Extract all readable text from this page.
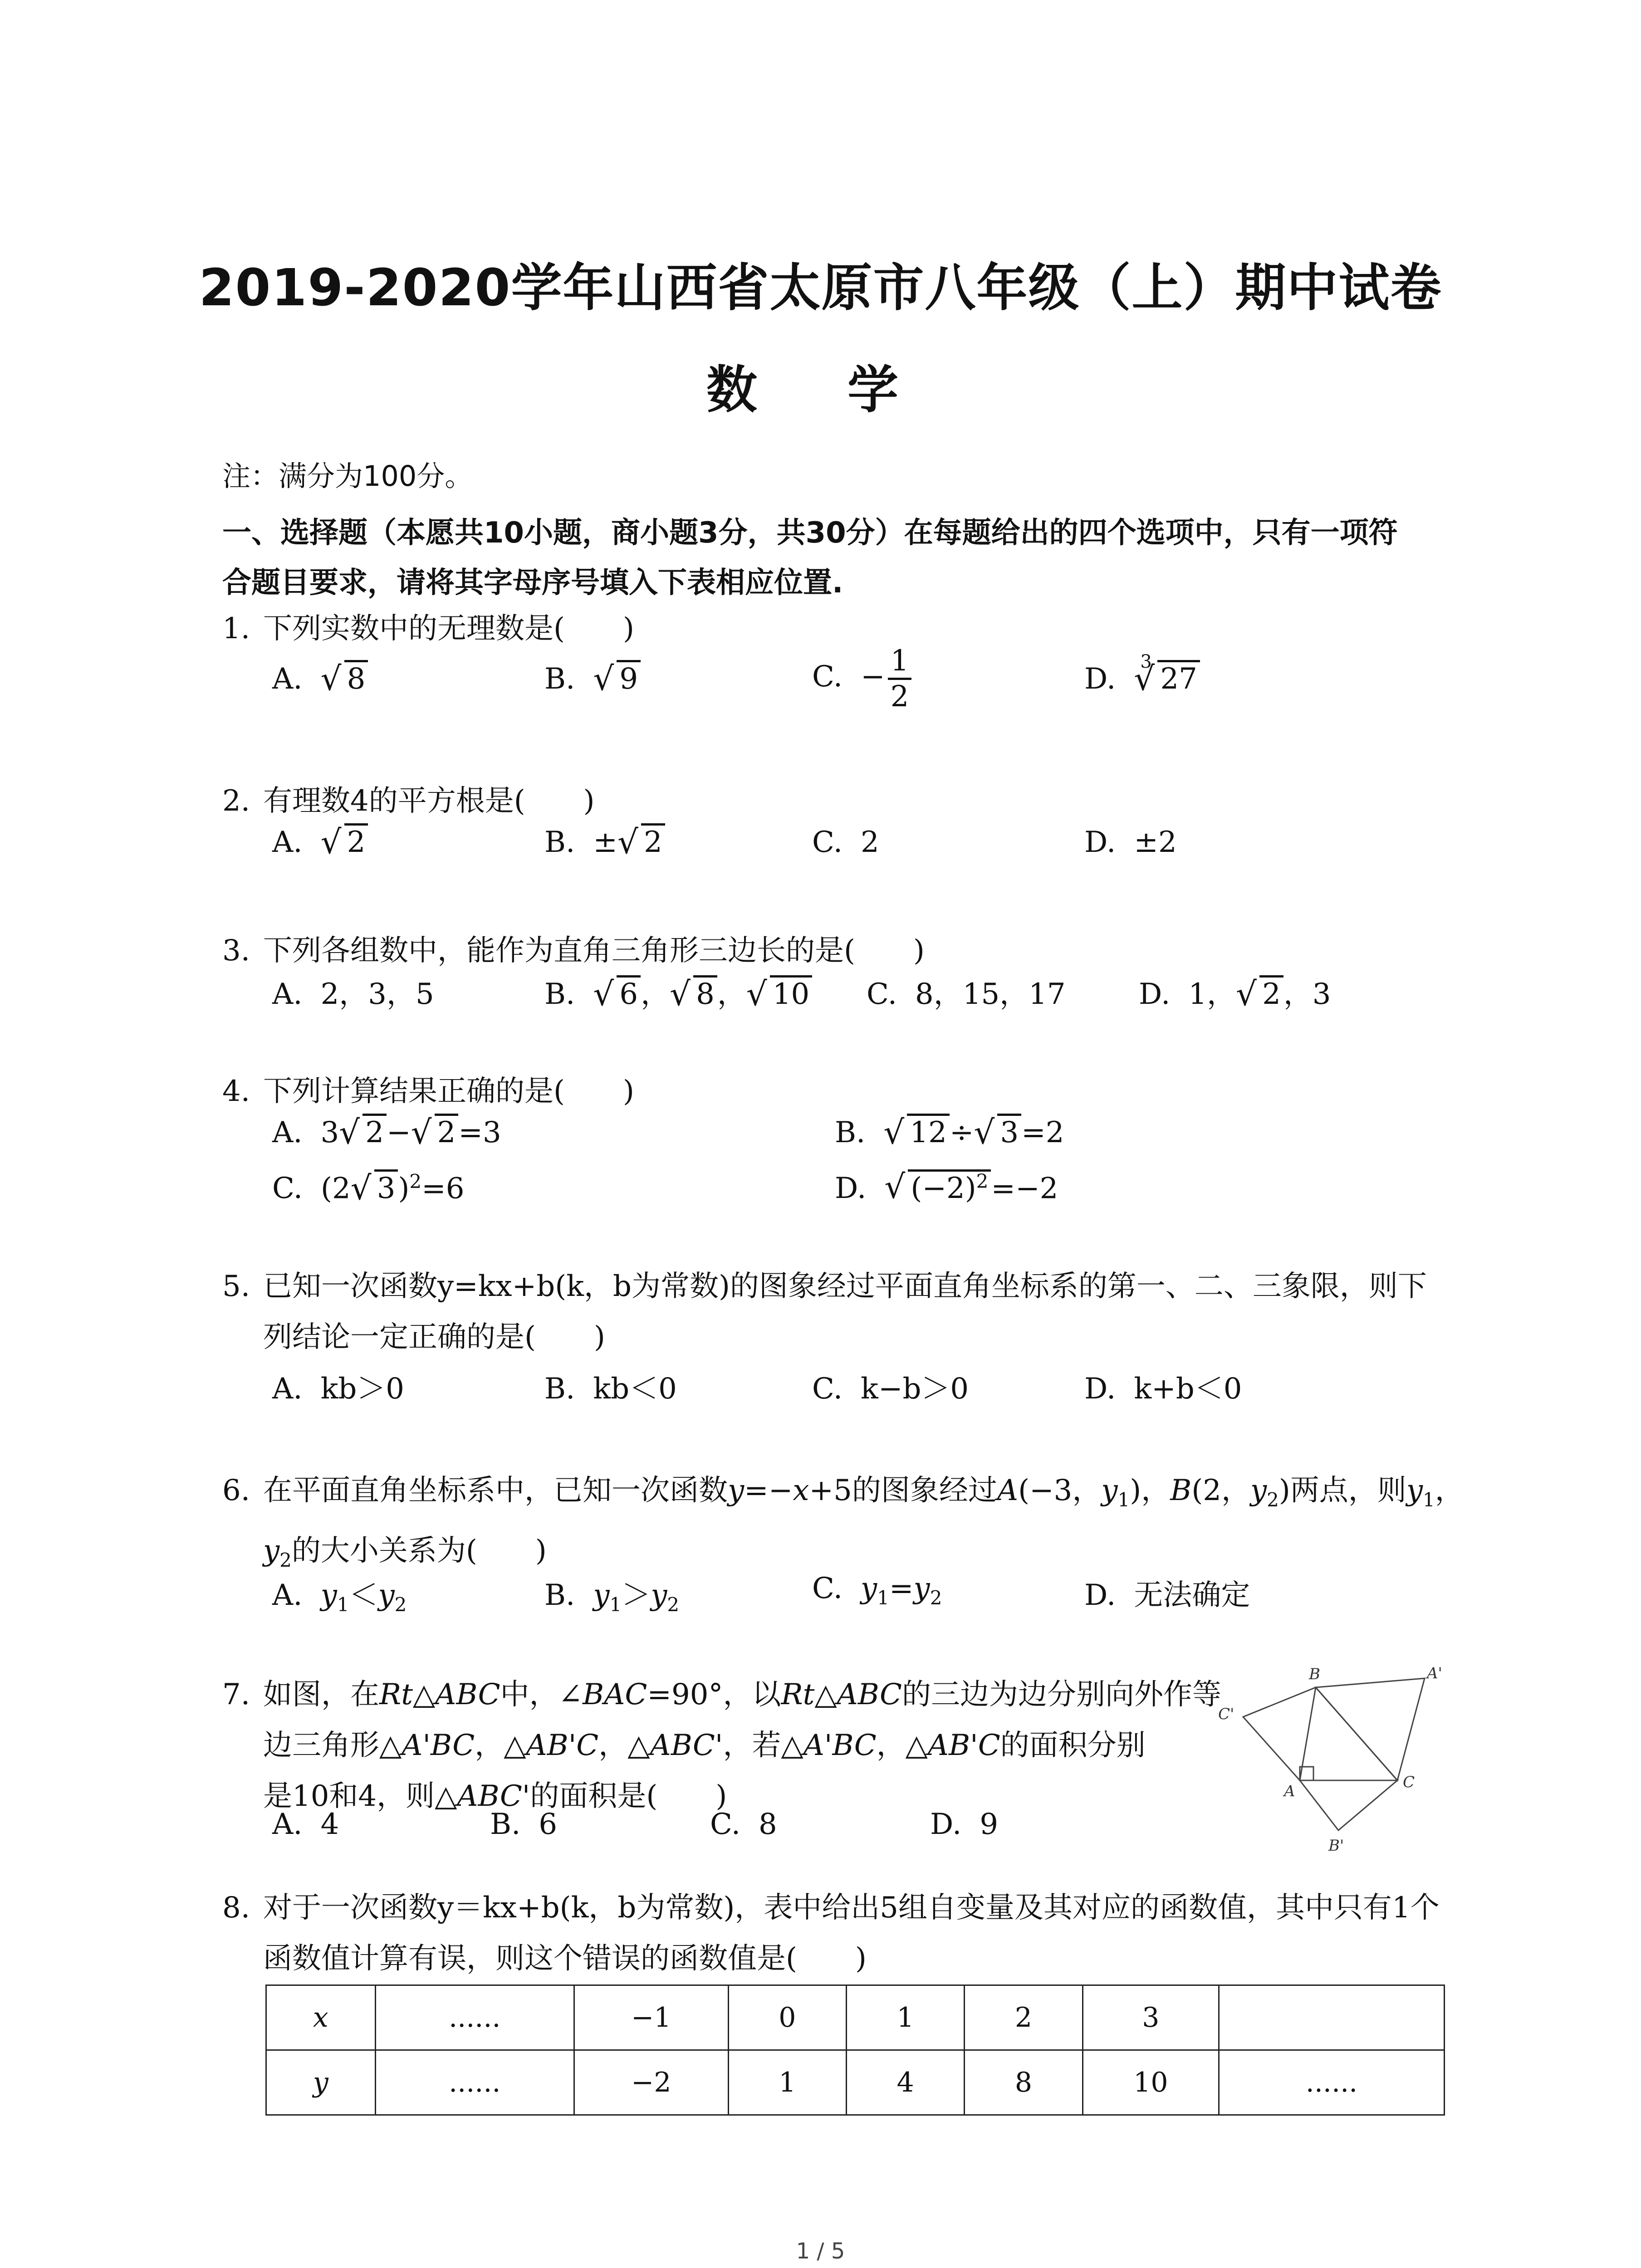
2019-2020学年山西省太原市八年级（上）期中试卷
数 学
注：满分为100分。
一、选择题（本愿共10小题，商小题3分，共30分）在每题给出的四个选项中，只有一项符
合题目要求，请将其字母序号填入下表相应位置.
1. 下列实数中的无理数是(　　)
A. √ 8	B. √ 9	C. − $\frac{1}{2}$	D.
√ 3
27
2. 有理数4的平方根是(　　)
A. √ 2	B. ± √ 2	C. 2	D. ±2
3. 下列各组数中，能作为直角三角形三边长的是(　　)
A. 2，3，5	B. √ 6， √ 8， √ 10 C. 8，15，17	D. 1， √ 2，3
4. 下列计算结果正确的是(　　)
A. 3 √ 2− √ 2=3	B. √ 12÷ √ 3=2
C. (2 √ 3)$^2$=6	D. √ $(-2)^2=-2$
5. 已知一次函数y=kx+b(k，b为常数)的图象经过平面直角坐标系的第一、二、三象限，则下
列结论一定正确的是(　　)
A. kb＞0	B. kb＜0	C. k−b＞0	D. k+b＜0
6. 在平面直角坐标系中，已知一次函数y=−x+5的图象经过A(−3，$y_1$)，B(2，$y_2$)两点，则$y_1$，
$y_2$的大小关系为(　　)
A. $y_1<y_2$	B. $y_1>y_2$	C. $y_1=y_2$	D. 无法确定
7. 如图，在Rt△ABC中，∠BAC=90°，以Rt△ABC的三边为边分别向外作等
边三角形△A'BC，△AB'C，△ABC'，若△A'BC，△AB'C的面积分别
是10和4，则△ABC'的面积是(　　)
A. 4	B. 6	C. 8	D. 9
B	A'
C'
A	C
B'
8. 对于一次函数y＝kx+b(k，b为常数)，表中给出5组自变量及其对应的函数值，其中只有1个
函数值计算有误，则这个错误的函数值是(　　)
x	......	−1	0	1	2	3	
y	......	−2	1	4	8	10	......
1 / 5
